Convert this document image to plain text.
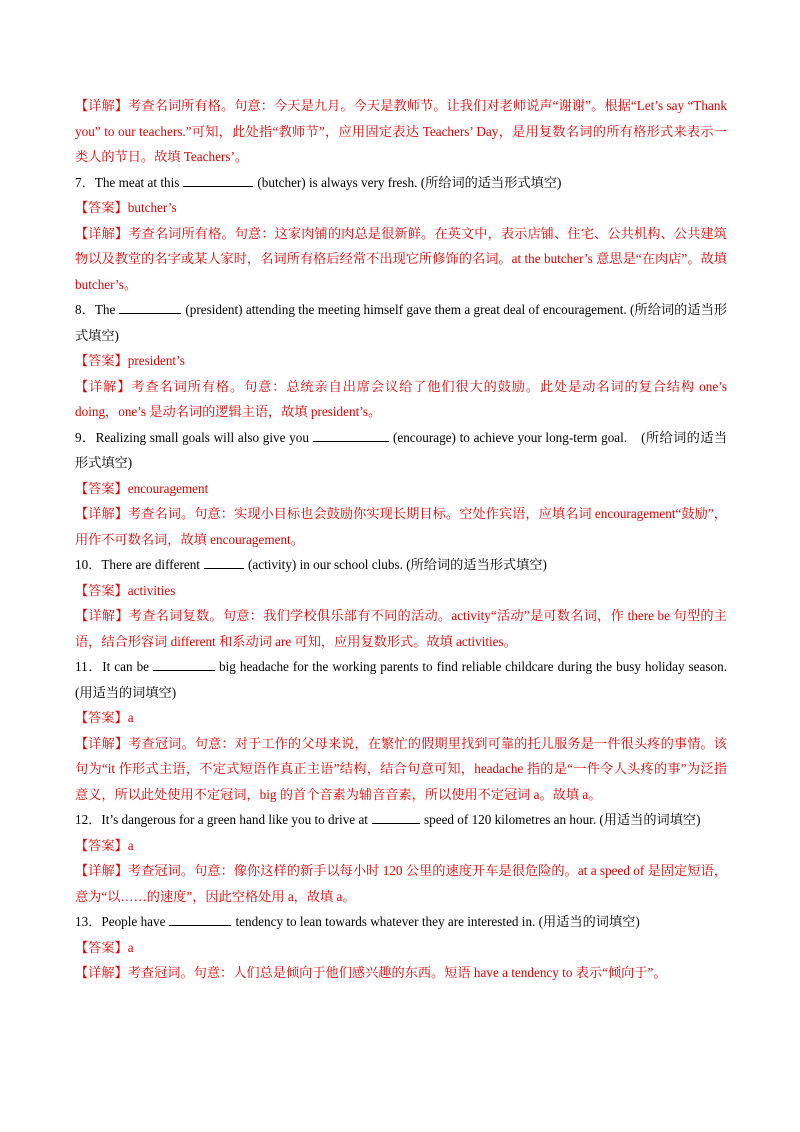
【详解】考查名词所有格。句意：今天是九月。今天是教师节。让我们对老师说声“谢谢”。根据“Let’s say “Thank you” to our teachers.”可知，此处指“教师节”，应用固定表达 Teachers’ Day，是用复数名词的所有格形式来表示一类人的节日。故填 Teachers’。

7．The meat at this	(butcher) is always very fresh. (所给词的适当形式填空)

【答案】butcher’s

【详解】考查名词所有格。句意：这家肉铺的肉总是很新鲜。在英文中，表示店铺、住宅、公共机构、公共建筑物以及教堂的名字或某人家时，名词所有格后经常不出现它所修饰的名词。at the butcher’s 意思是“在肉店”。故填 butcher’s。

8．The	(president) attending the meeting himself gave them a great deal of encouragement. (所给词的适当形式填空)

【答案】president’s

【详解】考查名词所有格。句意：总统亲自出席会议给了他们很大的鼓励。此处是动名词的复合结构 one’s doing，one’s 是动名词的逻辑主语，故填 president’s。

9．Realizing small goals will also give you	(encourage) to achieve your long-term goal.　(所给词的适当形式填空)

【答案】encouragement

【详解】考查名词。句意：实现小目标也会鼓励你实现长期目标。空处作宾语，应填名词 encouragement“鼓励”，用作不可数名词，故填 encouragement。

10．There are different	(activity) in our school clubs. (所给词的适当形式填空)

【答案】activities

【详解】考查名词复数。句意：我们学校俱乐部有不同的活动。activity“活动”是可数名词，作 there be 句型的主语，结合形容词 different 和系动词 are 可知，应用复数形式。故填 activities。

11．It can be	big headache for the working parents to find reliable childcare during the busy holiday season. (用适当的词填空)

【答案】a

【详解】考查冠词。句意：对于工作的父母来说，在繁忙的假期里找到可靠的托儿服务是一件很头疼的事情。该句为“it 作形式主语，不定式短语作真正主语”结构，结合句意可知，headache 指的是“一件令人头疼的事”为泛指意义，所以此处使用不定冠词，big 的首个音素为辅音音素，所以使用不定冠词 a。故填 a。

12．It’s dangerous for a green hand like you to drive at	speed of 120 kilometres an hour. (用适当的词填空)

【答案】a

【详解】考查冠词。句意：像你这样的新手以每小时 120 公里的速度开车是很危险的。at a speed of 是固定短语，意为“以……的速度”，因此空格处用 a，故填 a。

13．People have	tendency to lean towards whatever they are interested in. (用适当的词填空)

【答案】a

【详解】考查冠词。句意：人们总是倾向于他们感兴趣的东西。短语 have a tendency to 表示“倾向于”。
